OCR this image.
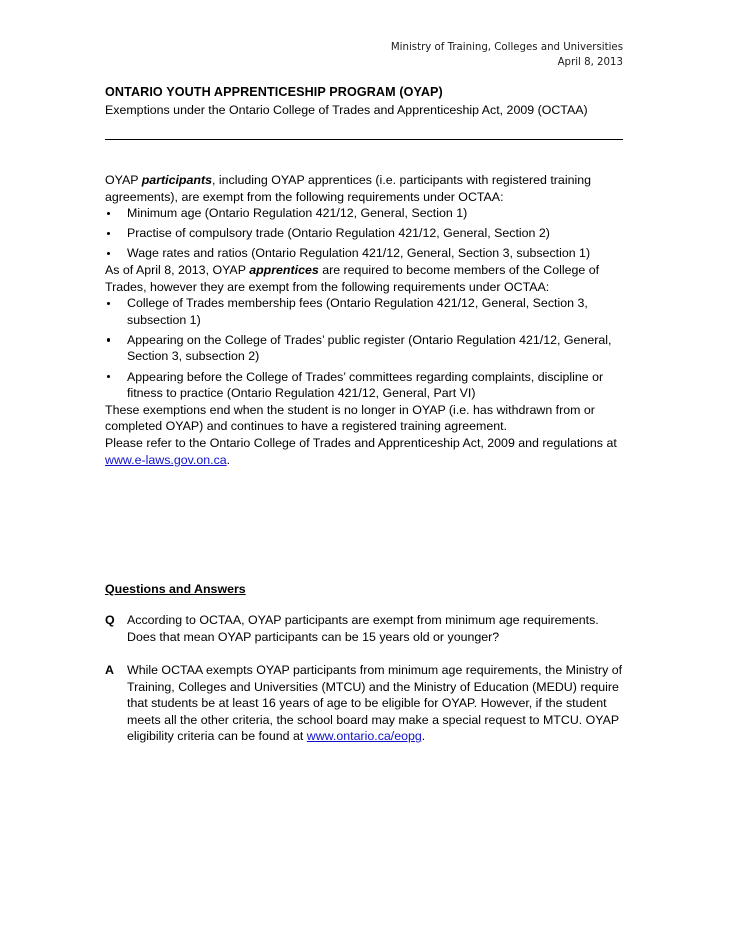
Ministry of Training, Colleges and Universities
April 8, 2013
ONTARIO YOUTH APPRENTICESHIP PROGRAM (OYAP)
Exemptions under the Ontario College of Trades and Apprenticeship Act, 2009 (OCTAA)

OYAP participants, including OYAP apprentices (i.e. participants with registered training agreements), are exempt from the following requirements under OCTAA:

Minimum age (Ontario Regulation 421/12, General, Section 1)
Practise of compulsory trade (Ontario Regulation 421/12, General, Section 2)
Wage rates and ratios (Ontario Regulation 421/12, General, Section 3, subsection 1)

As of April 8, 2013, OYAP apprentices are required to become members of the College of Trades, however they are exempt from the following requirements under OCTAA:

College of Trades membership fees (Ontario Regulation 421/12, General, Section 3, subsection 1)
Appearing on the College of Trades’ public register (Ontario Regulation 421/12, General, Section 3, subsection 2)
Appearing before the College of Trades’ committees regarding complaints, discipline or fitness to practice (Ontario Regulation 421/12, General, Part VI)

These exemptions end when the student is no longer in OYAP (i.e. has withdrawn from or completed OYAP) and continues to have a registered training agreement.

Please refer to the Ontario College of Trades and Apprenticeship Act, 2009 and regulations at www.e-laws.gov.on.ca.

Questions and Answers
Q According to OCTAA, OYAP participants are exempt from minimum age requirements. Does that mean OYAP participants can be 15 years old or younger?
A While OCTAA exempts OYAP participants from minimum age requirements, the Ministry of Training, Colleges and Universities (MTCU) and the Ministry of Education (MEDU) require that students be at least 16 years of age to be eligible for OYAP. However, if the student meets all the other criteria, the school board may make a special request to MTCU. OYAP eligibility criteria can be found at www.ontario.ca/eopg.
